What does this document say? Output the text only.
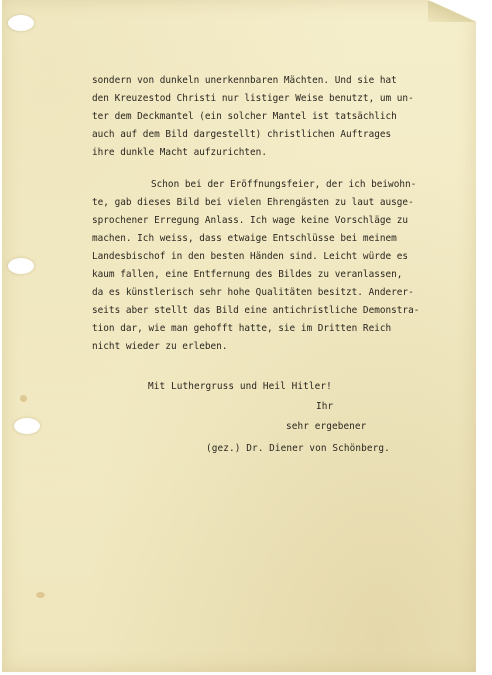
sondern von dunkeln unerkennbaren Mächten. Und sie hat
den Kreuzestod Christi nur listiger Weise benutzt, um un-
ter dem Deckmantel (ein solcher Mantel ist tatsächlich
auch auf dem Bild dargestellt) christlichen Auftrages
ihre dunkle Macht aufzurichten.
Schon bei der Eröffnungsfeier, der ich beiwohn-
te, gab dieses Bild bei vielen Ehrengästen zu laut ausge-
sprochener Erregung Anlass. Ich wage keine Vorschläge zu
machen. Ich weiss, dass etwaige Entschlüsse bei meinem
Landesbischof in den besten Händen sind. Leicht würde es
kaum fallen, eine Entfernung des Bildes zu veranlassen,
da es künstlerisch sehr hohe Qualitäten besitzt. Anderer-
seits aber stellt das Bild eine antichristliche Demonstra-
tion dar, wie man gehofft hatte, sie im Dritten Reich
nicht wieder zu erleben.
Mit Luthergruss und Heil Hitler!
Ihr
sehr ergebener
(gez.) Dr. Diener von Schönberg.
